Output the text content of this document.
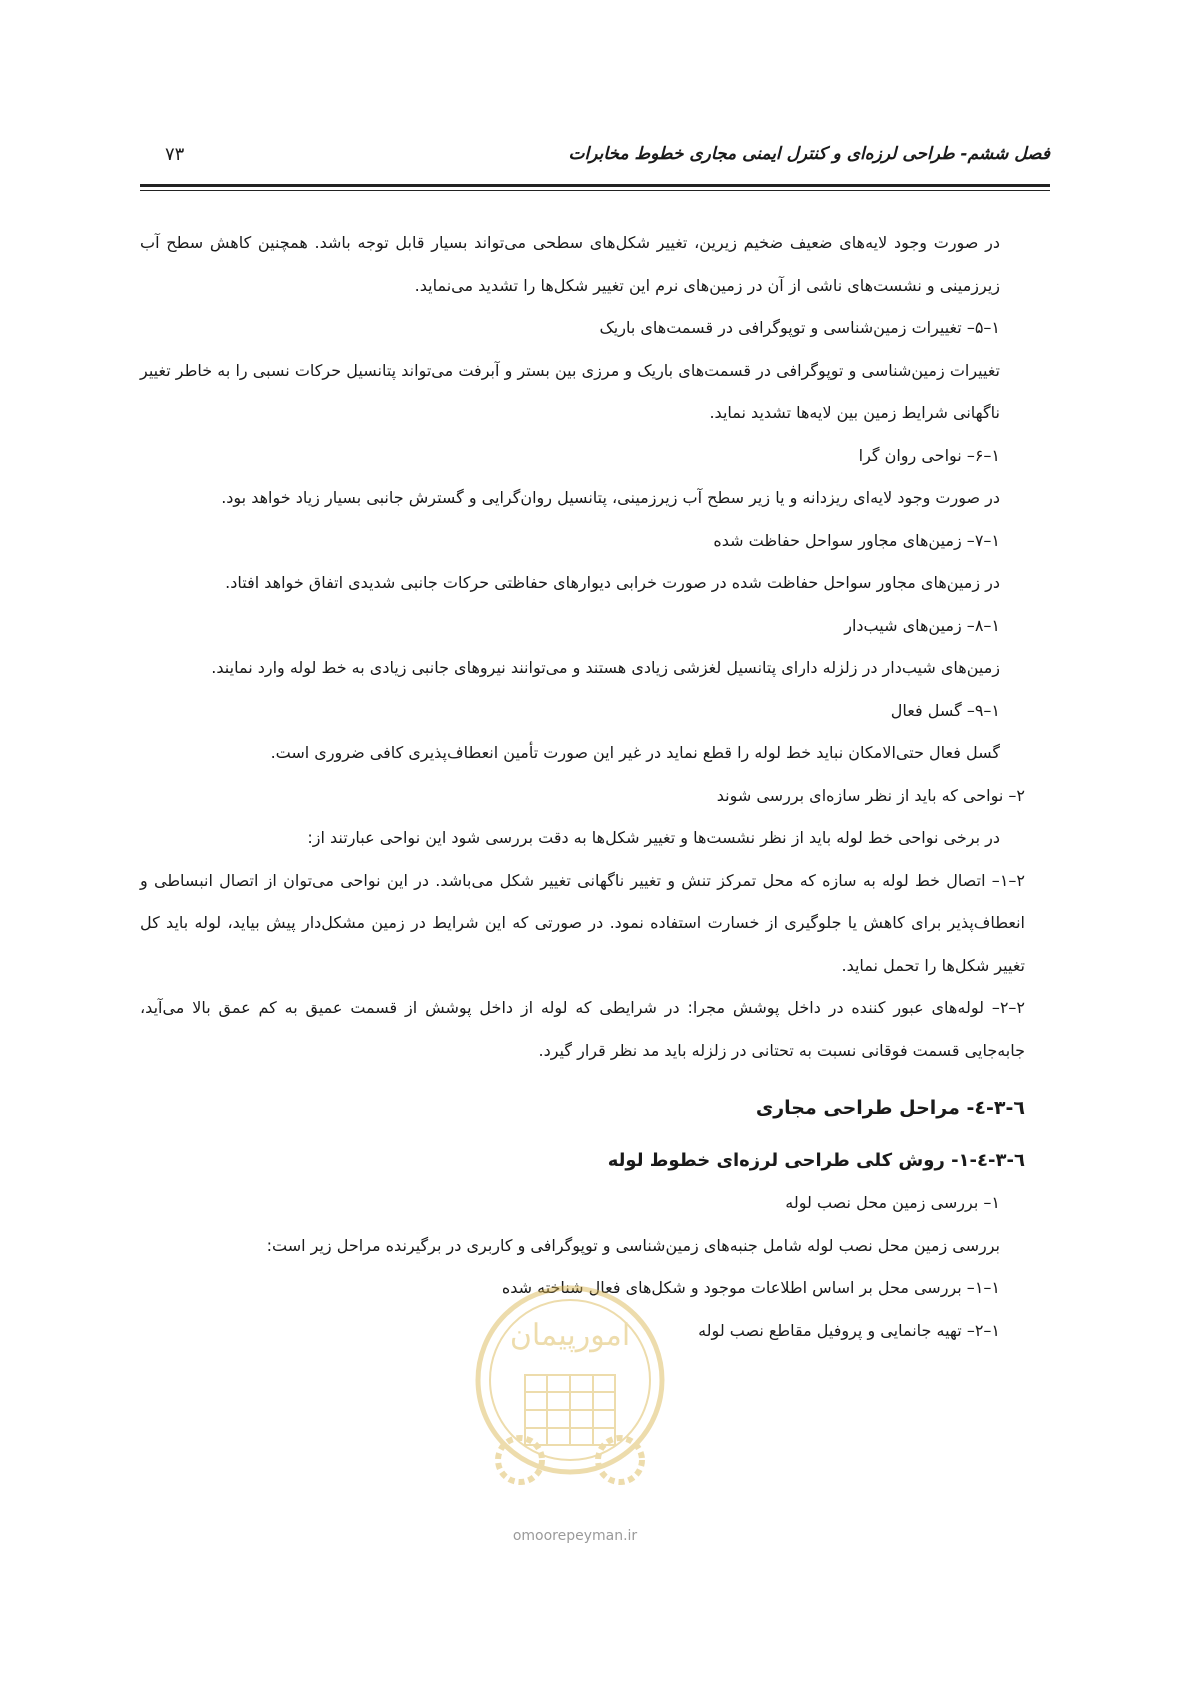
فصل ششم- طراحی لرزه‌ای و کنترل ایمنی مجاری خطوط مخابرات
۷۳

در صورت وجود لایه‌های ضعیف ضخیم زیرین، تغییر شکل‌های سطحی می‌تواند بسیار قابل توجه باشد. همچنین کاهش سطح آب زیرزمینی و نشست‌های ناشی از آن در زمین‌های نرم این تغییر شکل‌ها را تشدید می‌نماید.

۱–۵– تغییرات زمین‌شناسی و توپوگرافی در قسمت‌های باریک

تغییرات زمین‌شناسی و توپوگرافی در قسمت‌های باریک و مرزی بین بستر و آبرفت می‌تواند پتانسیل حرکات نسبی را به خاطر تغییر ناگهانی شرایط زمین بین لایه‌ها تشدید نماید.

۱–۶– نواحی روان گرا

در صورت وجود لایه‌ای ریزدانه و یا زیر سطح آب زیرزمینی، پتانسیل روان‌گرایی و گسترش جانبی بسیار زیاد خواهد بود.

۱–۷– زمین‌های مجاور سواحل حفاظت شده

در زمین‌های مجاور سواحل حفاظت شده در صورت خرابی دیوارهای حفاظتی حرکات جانبی شدیدی اتفاق خواهد افتاد.

۱–۸– زمین‌های شیب‌دار

زمین‌های شیب‌دار در زلزله دارای پتانسیل لغزشی زیادی هستند و می‌توانند نیروهای جانبی زیادی به خط لوله وارد نمایند.

۱–۹– گسل فعال

گسل فعال حتی‌الامکان نباید خط لوله را قطع نماید در غیر این صورت تأمین انعطاف‌پذیری کافی ضروری است.

۲– نواحی که باید از نظر سازه‌ای بررسی شوند

در برخی نواحی خط لوله باید از نظر نشست‌ها و تغییر شکل‌ها به دقت بررسی شود این نواحی عبارتند از:

۲–۱– اتصال خط لوله به سازه که محل تمرکز تنش و تغییر ناگهانی تغییر شکل می‌باشد. در این نواحی می‌توان از اتصال انبساطی و انعطاف‌پذیر برای کاهش یا جلوگیری از خسارت استفاده نمود. در صورتی که این شرایط در زمین مشکل‌دار پیش بیاید، لوله باید کل تغییر شکل‌ها را تحمل نماید.

۲–۲– لوله‌های عبور کننده در داخل پوشش مجرا: در شرایطی که لوله از داخل پوشش از قسمت عمیق به کم عمق بالا می‌آید، جابه‌جایی قسمت فوقانی نسبت به تحتانی در زلزله باید مد نظر قرار گیرد.

٦-٣-٤- مراحل طراحی مجاری
٦-٣-٤-١- روش کلی طراحی لرزه‌ای خطوط لوله

۱– بررسی زمین محل نصب لوله

بررسی زمین محل نصب لوله شامل جنبه‌های زمین‌شناسی و توپوگرافی و کاربری در برگیرنده مراحل زیر است:

۱–۱– بررسی محل بر اساس اطلاعات موجود و شکل‌های فعال شناخته شده

۱–۲– تهیه جانمایی و پروفیل مقاطع نصب لوله

امورپیمان
omoorepeyman.ir
